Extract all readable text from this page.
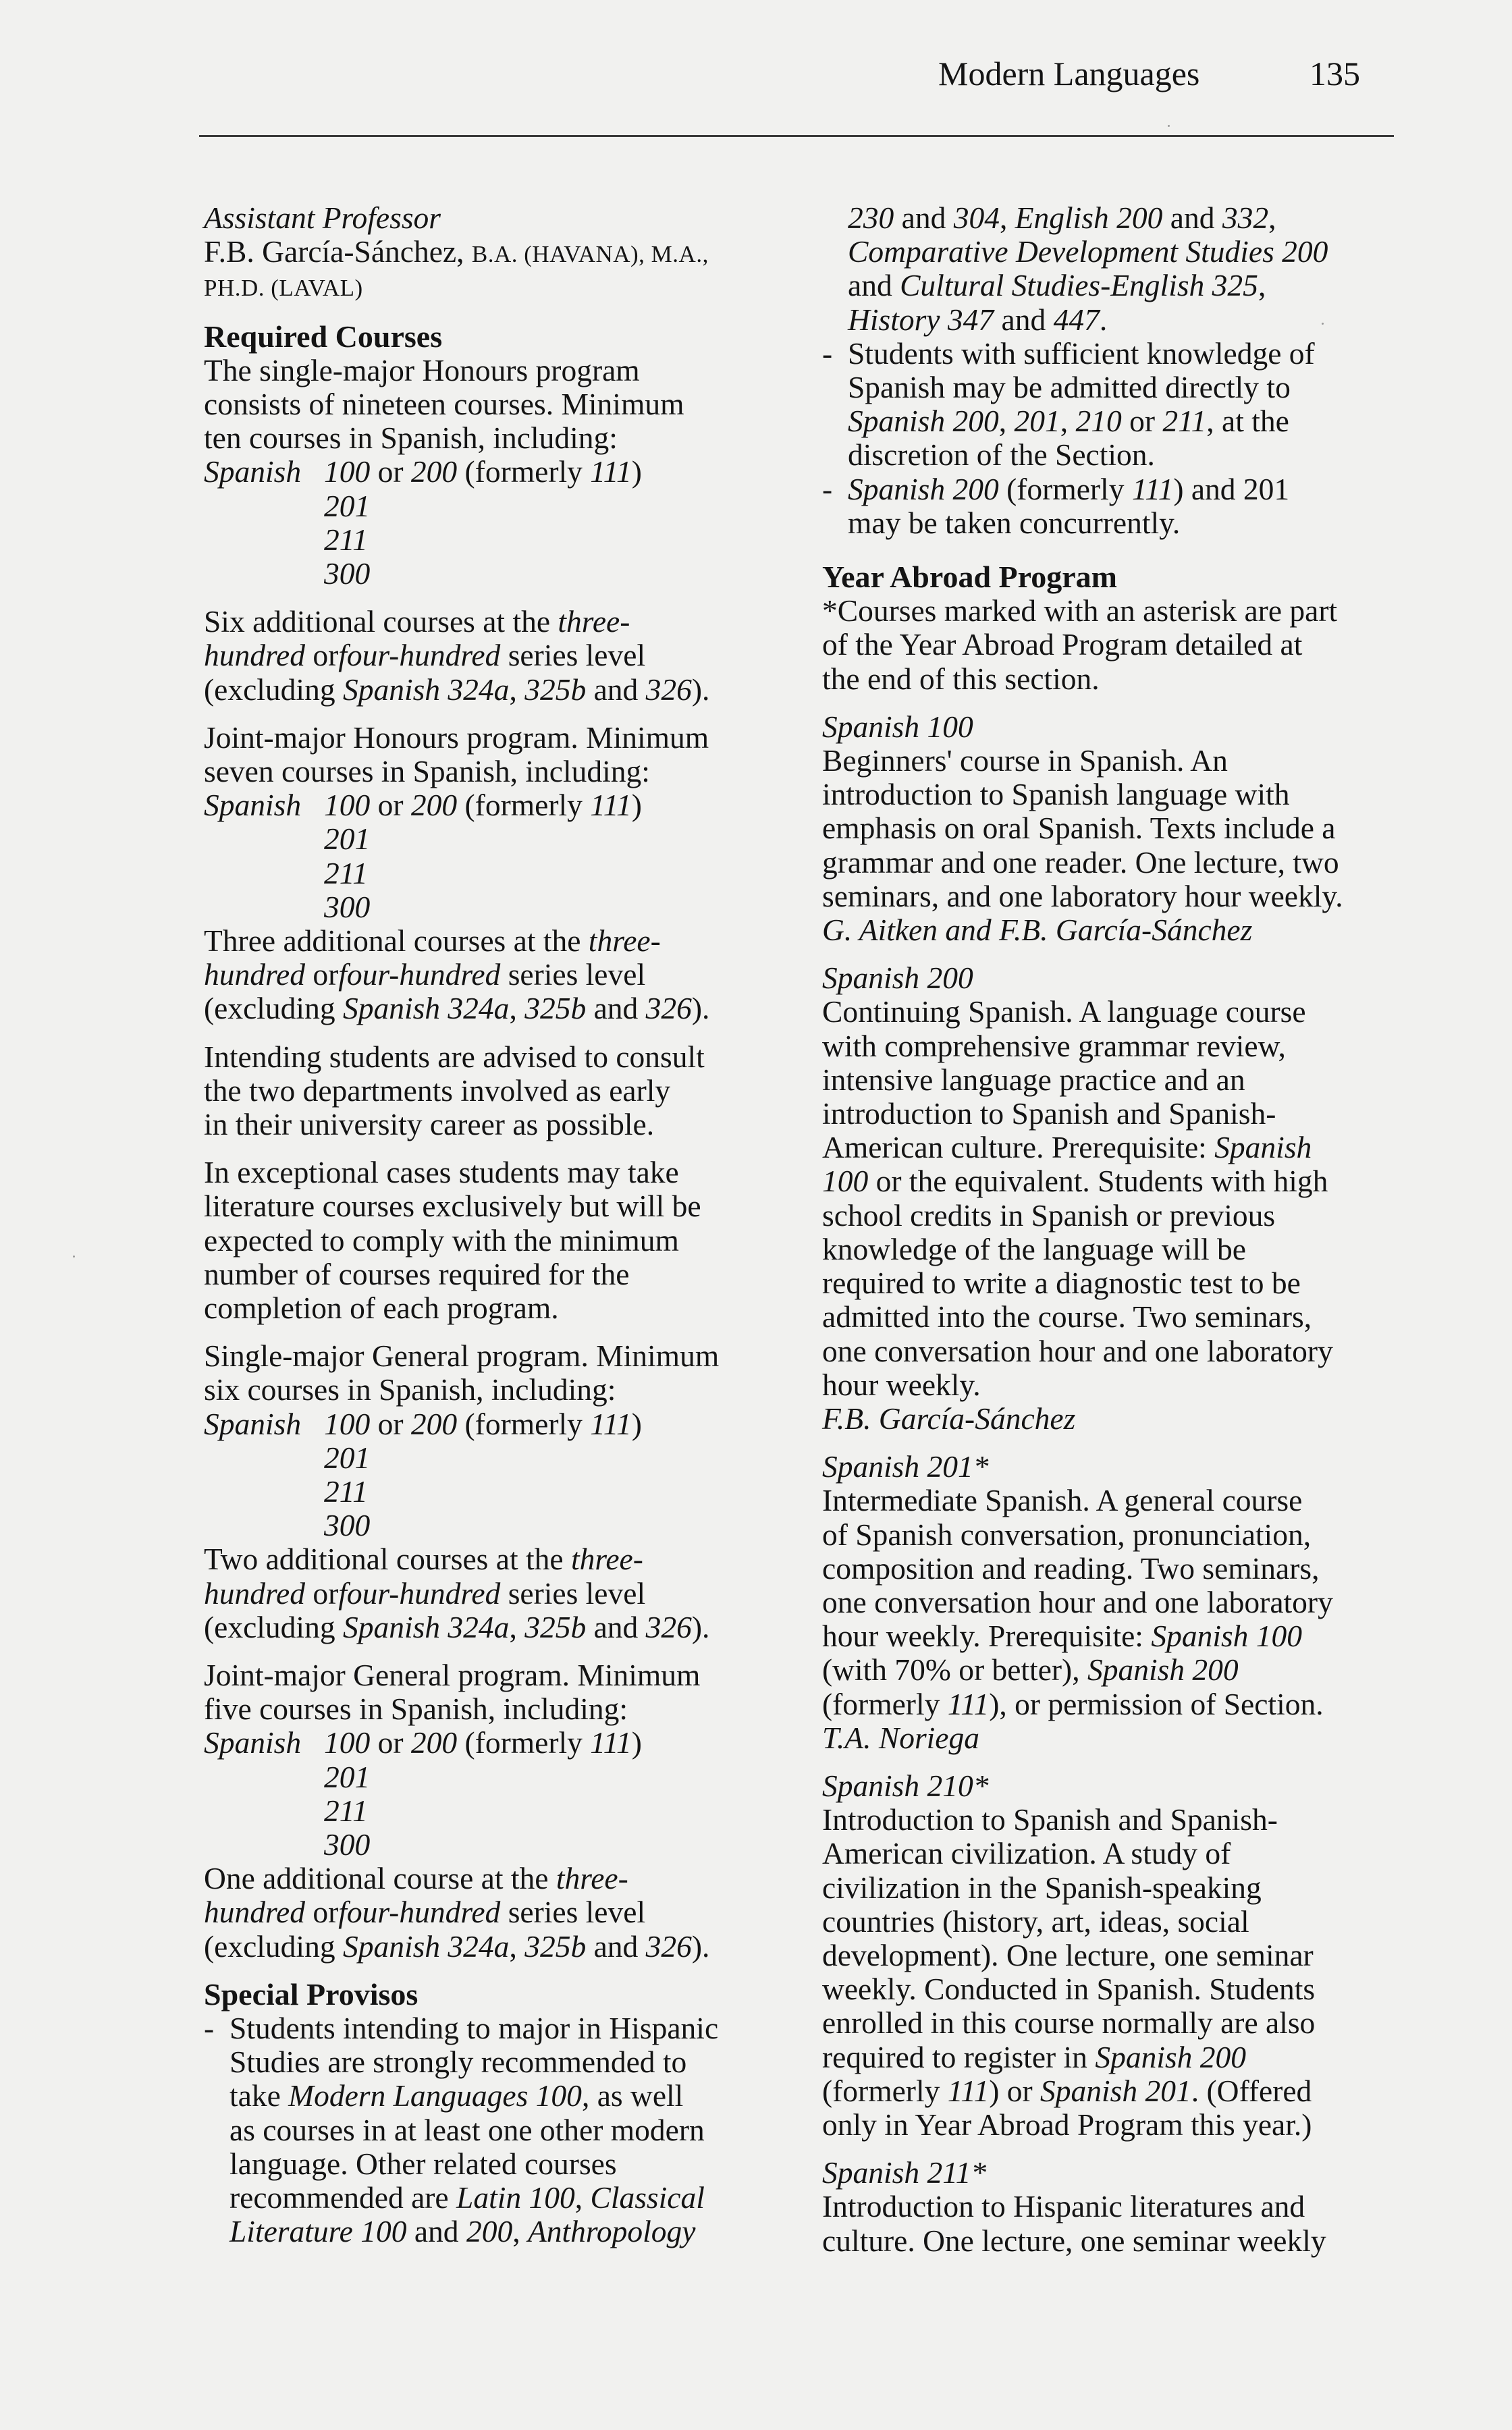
Modern Languages	135

Assistant Professor

F.B. García-Sánchez, B.A. (HAVANA), M.A.,

PH.D. (LAVAL)

Required Courses

The single-major Honours program

consists of nineteen courses. Minimum

ten courses in Spanish, including:

Spanish 100 or 200 (formerly 111)
201
211
300

Six additional courses at the three-

hundred orfour-hundred series level

(excluding Spanish 324a, 325b and 326).

Joint-major Honours program. Minimum

seven courses in Spanish, including:

Spanish 100 or 200 (formerly 111)
201
211
300

Three additional courses at the three-

hundred orfour-hundred series level

(excluding Spanish 324a, 325b and 326).

Intending students are advised to consult

the two departments involved as early

in their university career as possible.

In exceptional cases students may take

literature courses exclusively but will be

expected to comply with the minimum

number of courses required for the

completion of each program.

Single-major General program. Minimum

six courses in Spanish, including:

Spanish 100 or 200 (formerly 111)
201
211
300

Two additional courses at the three-

hundred orfour-hundred series level

(excluding Spanish 324a, 325b and 326).

Joint-major General program. Minimum

five courses in Spanish, including:

Spanish 100 or 200 (formerly 111)
201
211
300

One additional course at the three-

hundred orfour-hundred series level

(excluding Spanish 324a, 325b and 326).

Special Provisos
- Students intending to major in Hispanic

Studies are strongly recommended to

take Modern Languages 100, as well

as courses in at least one other modern

language. Other related courses

recommended are Latin 100, Classical

Literature 100 and 200, Anthropology

230 and 304, English 200 and 332,

Comparative Development Studies 200

and Cultural Studies-English 325,

History 347 and 447.

- Students with sufficient knowledge of

Spanish may be admitted directly to

Spanish 200, 201, 210 or 211, at the

discretion of the Section.

- Spanish 200 (formerly 111) and 201

may be taken concurrently.

Year Abroad Program

*Courses marked with an asterisk are part

of the Year Abroad Program detailed at

the end of this section.

Spanish 100

Beginners' course in Spanish. An

introduction to Spanish language with

emphasis on oral Spanish. Texts include a

grammar and one reader. One lecture, two

seminars, and one laboratory hour weekly.

G. Aitken and F.B. García-Sánchez

Spanish 200

Continuing Spanish. A language course

with comprehensive grammar review,

intensive language practice and an

introduction to Spanish and Spanish-

American culture. Prerequisite: Spanish

100 or the equivalent. Students with high

school credits in Spanish or previous

knowledge of the language will be

required to write a diagnostic test to be

admitted into the course. Two seminars,

one conversation hour and one laboratory

hour weekly.

F.B. García-Sánchez

Spanish 201*

Intermediate Spanish. A general course

of Spanish conversation, pronunciation,

composition and reading. Two seminars,

one conversation hour and one laboratory

hour weekly. Prerequisite: Spanish 100

(with 70% or better), Spanish 200

(formerly 111), or permission of Section.

T.A. Noriega

Spanish 210*

Introduction to Spanish and Spanish-

American civilization. A study of

civilization in the Spanish-speaking

countries (history, art, ideas, social

development). One lecture, one seminar

weekly. Conducted in Spanish. Students

enrolled in this course normally are also

required to register in Spanish 200

(formerly 111) or Spanish 201. (Offered

only in Year Abroad Program this year.)

Spanish 211*

Introduction to Hispanic literatures and

culture. One lecture, one seminar weekly
